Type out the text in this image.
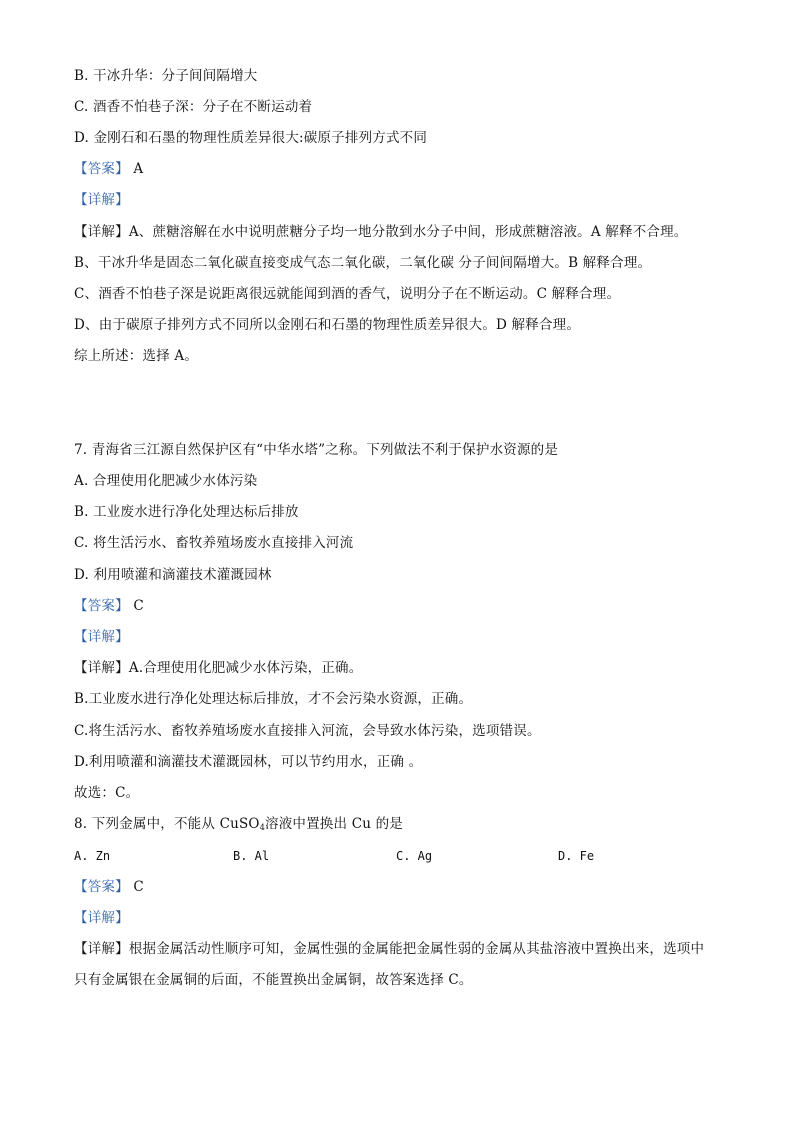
B. 干冰升华：分子间间隔增大
C. 酒香不怕巷子深：分子在不断运动着
D. 金刚石和石墨的物理性质差异很大:碳原子排列方式不同
【答案】 A
【详解】
【详解】A、蔗糖溶解在水中说明蔗糖分子均一地分散到水分子中间，形成蔗糖溶液。A 解释不合理。
B、干冰升华是固态二氧化碳直接变成气态二氧化碳，二氧化碳 分子间间隔增大。B 解释合理。
C、酒香不怕巷子深是说距离很远就能闻到酒的香气，说明分子在不断运动。C 解释合理。
D、由于碳原子排列方式不同所以金刚石和石墨的物理性质差异很大。D 解释合理。
综上所述：选择 A。
7. 青海省三江源自然保护区有“中华水塔”之称。下列做法不利于保护水资源的是
A. 合理使用化肥减少水体污染
B. 工业废水进行净化处理达标后排放
C. 将生活污水、畜牧养殖场废水直接排入河流
D. 利用喷灌和滴灌技术灌溉园林
【答案】 C
【详解】
【详解】A.合理使用化肥减少水体污染，正确。
B.工业废水进行净化处理达标后排放，才不会污染水资源，正确。
C.将生活污水、畜牧养殖场废水直接排入河流，会导致水体污染，选项错误。
D.利用喷灌和滴灌技术灌溉园林，可以节约用水，正确 。
故选：C。
8. 下列金属中，不能从 CuSO$_4$溶液中置换出 Cu 的是
A. Zn	B. Al	C. Ag	D. Fe
【答案】 C
【详解】
【详解】根据金属活动性顺序可知，金属性强的金属能把金属性弱的金属从其盐溶液中置换出来，选项中
只有金属银在金属铜的后面，不能置换出金属铜，故答案选择 C。
